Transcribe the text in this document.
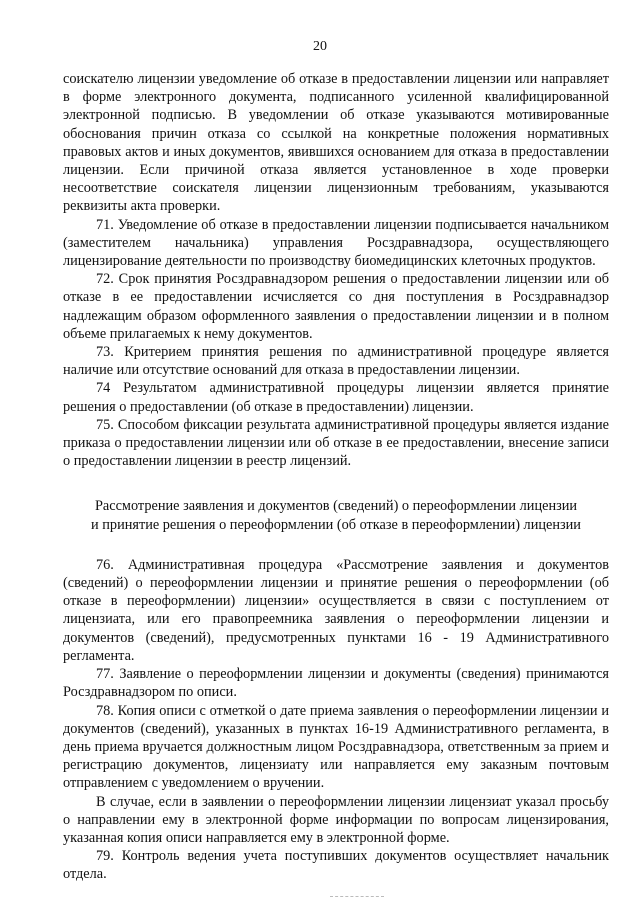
20

соискателю лицензии уведомление об отказе в предоставлении лицензии или направляет в форме электронного документа, подписанного усиленной квалифицированной электронной подписью. В уведомлении об отказе указываются мотивированные обоснования причин отказа со ссылкой на конкретные положения нормативных правовых актов и иных документов, явившихся основанием для отказа в предоставлении лицензии. Если причиной отказа является установленное в ходе проверки несоответствие соискателя лицензии лицензионным требованиям, указываются реквизиты акта проверки.

71. Уведомление об отказе в предоставлении лицензии подписывается начальником (заместителем начальника) управления Росздравнадзора, осуществляющего лицензирование деятельности по производству биомедицинских клеточных продуктов.

72. Срок принятия Росздравнадзором решения о предоставлении лицензии или об отказе в ее предоставлении исчисляется со дня поступления в Росздравнадзор надлежащим образом оформленного заявления о предоставлении лицензии и в полном объеме прилагаемых к нему документов.

73. Критерием принятия решения по административной процедуре является наличие или отсутствие оснований для отказа в предоставлении лицензии.

74 Результатом административной процедуры лицензии является принятие решения о предоставлении (об отказе в предоставлении) лицензии.

75. Способом фиксации результата административной процедуры является издание приказа о предоставлении лицензии или об отказе в ее предоставлении, внесение записи о предоставлении лицензии в реестр лицензий.

Рассмотрение заявления и документов (сведений) о переоформлении лицензии
и принятие решения о переоформлении (об отказе в переоформлении) лицензии

76. Административная процедура «Рассмотрение заявления и документов (сведений) о переоформлении лицензии и принятие решения о переоформлении (об отказе в переоформлении) лицензии» осуществляется в связи с поступлением от лицензиата, или его правопреемника заявления о переоформлении лицензии и документов (сведений), предусмотренных пунктами 16 - 19 Административного регламента.

77. Заявление о переоформлении лицензии и документы (сведения) принимаются Росздравнадзором по описи.

78. Копия описи с отметкой о дате приема заявления о переоформлении лицензии и документов (сведений), указанных в пунктах 16-19 Административного регламента, в день приема вручается должностным лицом Росздравнадзора, ответственным за прием и регистрацию документов, лицензиату или направляется ему заказным почтовым отправлением с уведомлением о вручении.

В случае, если в заявлении о переоформлении лицензии лицензиат указал просьбу о направлении ему в электронной форме информации по вопросам лицензирования, указанная копия описи направляется ему в электронной форме.

79. Контроль ведения учета поступивших документов осуществляет начальник отдела.
